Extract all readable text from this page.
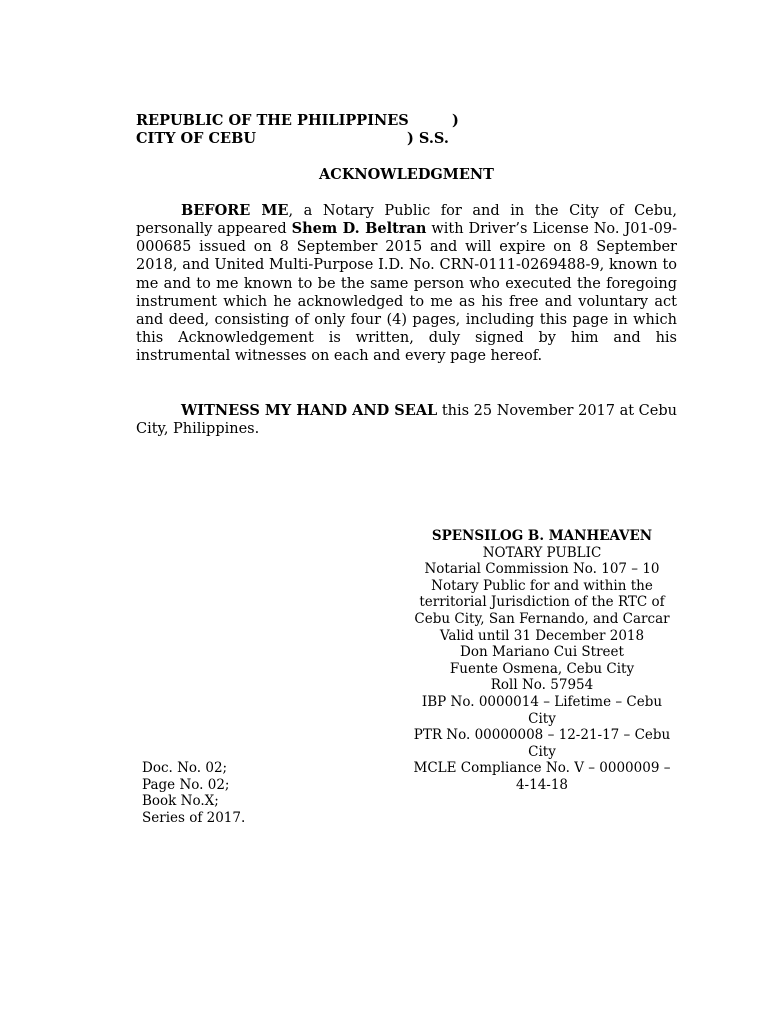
REPUBLIC OF THE PHILIPPINES	)
CITY OF CEBU	) S.S.
ACKNOWLEDGMENT

BEFORE ME, a Notary Public for and in the City of Cebu, personally appeared Shem D. Beltran with Driver’s License No. J01-09-000685 issued on 8 September 2015 and will expire on 8 September 2018, and United Multi-Purpose I.D. No. CRN-0111-0269488-9, known to me and to me known to be the same person who executed the foregoing instrument which he acknowledged to me as his free and voluntary act and deed, consisting of only four (4) pages, including this page in which this Acknowledgement is written, duly signed by him and his instrumental witnesses on each and every page hereof.

WITNESS MY HAND AND SEAL this 25 November 2017 at Cebu City, Philippines.

SPENSILOG B. MANHEAVEN
NOTARY PUBLIC
Notarial Commission No. 107 – 10
Notary Public for and within the territorial Jurisdiction of the RTC of Cebu City, San Fernando, and Carcar
Valid until 31 December 2018
Don Mariano Cui Street
Fuente Osmena, Cebu City
Roll No. 57954
IBP No. 0000014 – Lifetime – Cebu City
PTR No. 00000008 – 12-21-17 – Cebu City
MCLE Compliance No. V – 0000009 – 4-14-18
Doc. No. 02;
Page No. 02;
Book No.X;
Series of 2017.
